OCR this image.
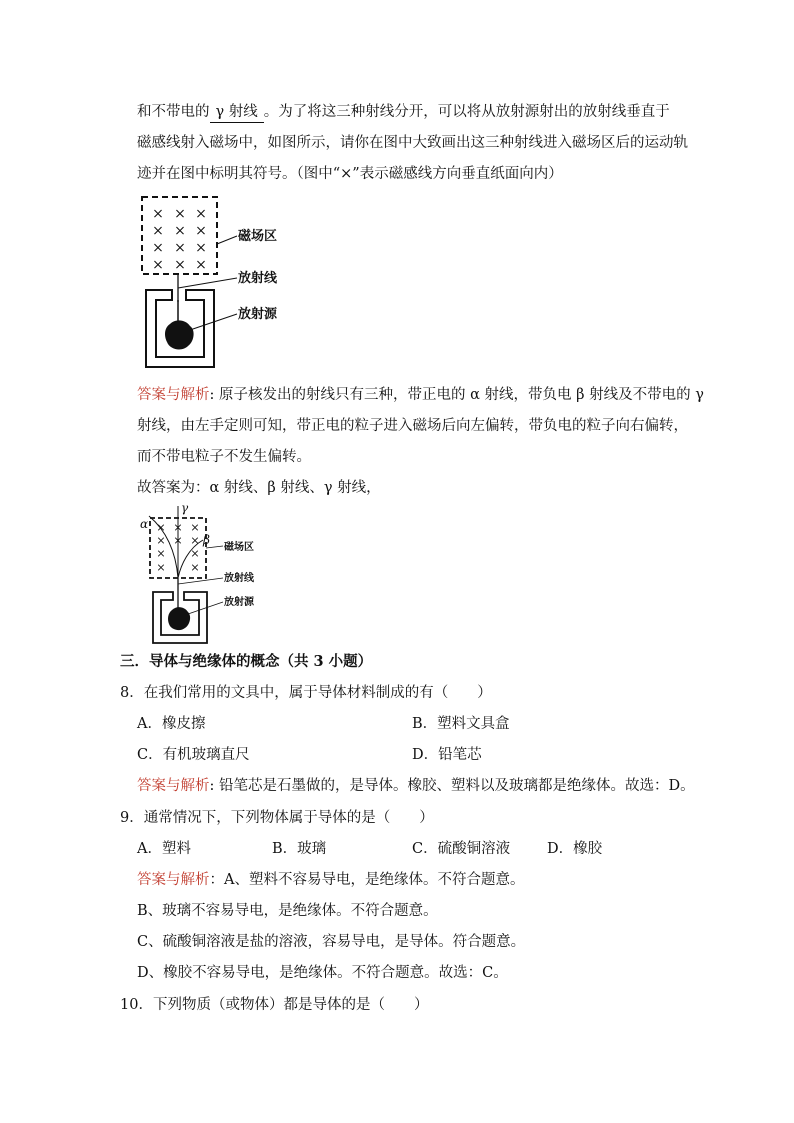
和不带电的 γ 射线 。为了将这三种射线分开，可以将从放射源射出的放射线垂直于
磁感线射入磁场中，如图所示，请你在图中大致画出这三种射线进入磁场区后的运动轨
迹并在图中标明其符号。（图中“×”表示磁感线方向垂直纸面向内）
× × ×
× × ×
× × ×
× × ×
磁场区
放射线
放射源
答案与解析: 原子核发出的射线只有三种，带正电的 α 射线，带负电 β 射线及不带电的 γ
射线，由左手定则可知，带正电的粒子进入磁场后向左偏转，带负电的粒子向右偏转，
而不带电粒子不发生偏转。
故答案为：α 射线、β 射线、γ 射线，
× × ×
× × ×
× ×
× ×
α
β
γ
磁场区
放射线
放射源
三．导体与绝缘体的概念（共 3 小题）
8．在我们常用的文具中，属于导体材料制成的有（　　）
A．橡皮擦	B．塑料文具盒
C．有机玻璃直尺	D．铅笔芯
答案与解析: 铅笔芯是石墨做的，是导体。橡胶、塑料以及玻璃都是绝缘体。故选：D。
9．通常情况下，下列物体属于导体的是（　　）
A．塑料	B．玻璃	C．硫酸铜溶液	D．橡胶
答案与解析：A、塑料不容易导电，是绝缘体。不符合题意。
B、玻璃不容易导电，是绝缘体。不符合题意。
C、硫酸铜溶液是盐的溶液，容易导电，是导体。符合题意。
D、橡胶不容易导电，是绝缘体。不符合题意。故选：C。
10．下列物质（或物体）都是导体的是（　　）
